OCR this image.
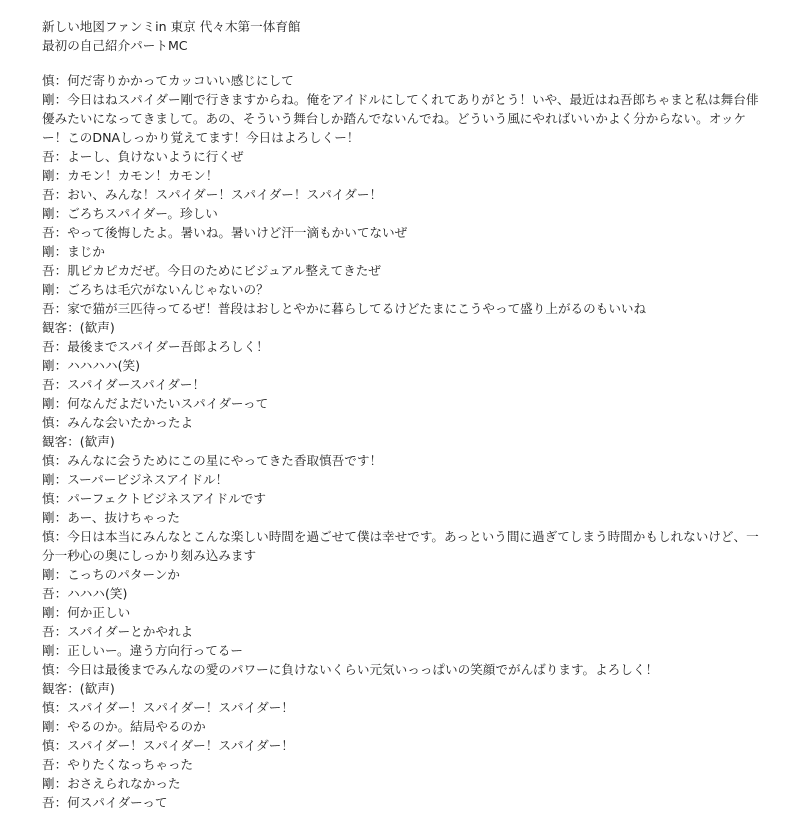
新しい地図ファンミin 東京 代々木第一体育館

最初の自己紹介パートMC

慎：何だ寄りかかってカッコいい感じにして

剛：今日はねスパイダー剛で行きますからね。俺をアイドルにしてくれてありがとう！いや、最近はね吾郎ちゃまと私は舞台俳優みたいになってきまして。あの、そういう舞台しか踏んでないんでね。どういう風にやればいいかよく分からない。オッケー！このDNAしっかり覚えてます！今日はよろしくー！

吾：よーし、負けないように行くぜ

剛：カモン！カモン！カモン！

吾：おい、みんな！スパイダー！スパイダー！スパイダー！

剛：ごろちスパイダー。珍しい

吾：やって後悔したよ。暑いね。暑いけど汗一滴もかいてないぜ

剛：まじか

吾：肌ピカピカだぜ。今日のためにビジュアル整えてきたぜ

剛：ごろちは毛穴がないんじゃないの？

吾：家で猫が三匹待ってるぜ！普段はおしとやかに暮らしてるけどたまにこうやって盛り上がるのもいいね

観客：(歓声)

吾：最後までスパイダー吾郎よろしく！

剛：ハハハハ(笑)

吾：スパイダースパイダー！

剛：何なんだよだいたいスパイダーって

慎：みんな会いたかったよ

観客：(歓声)

慎：みんなに会うためにこの星にやってきた香取慎吾です！

剛：スーパービジネスアイドル！

慎：パーフェクトビジネスアイドルです

剛：あー、抜けちゃった

慎：今日は本当にみんなとこんな楽しい時間を過ごせて僕は幸せです。あっという間に過ぎてしまう時間かもしれないけど、一分一秒心の奥にしっかり刻み込みます

剛：こっちのパターンか

吾：ハハハ(笑)

剛：何か正しい

吾：スパイダーとかやれよ

剛：正しいー。違う方向行ってるー

慎：今日は最後までみんなの愛のパワーに負けないくらい元気いっっぱいの笑顔でがんばります。よろしく！

観客：(歓声)

慎：スパイダー！スパイダー！スパイダー！

剛：やるのか。結局やるのか

慎：スパイダー！スパイダー！スパイダー！

吾：やりたくなっちゃった

剛：おさえられなかった

吾：何スパイダーって
